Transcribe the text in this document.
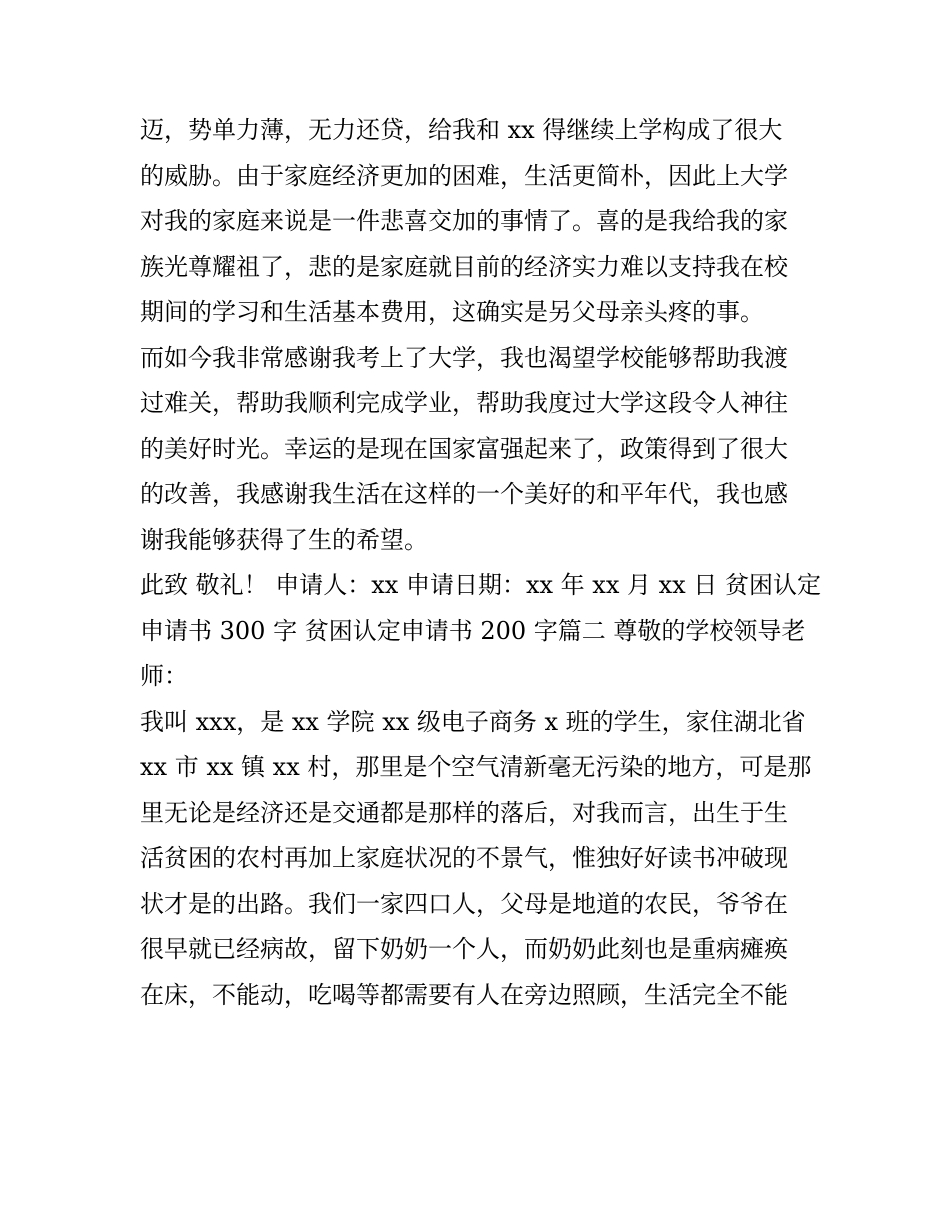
迈，势单力薄，无力还贷，给我和 xx 得继续上学构成了很大
的威胁。由于家庭经济更加的困难，生活更简朴，因此上大学
对我的家庭来说是一件悲喜交加的事情了。喜的是我给我的家
族光尊耀祖了，悲的是家庭就目前的经济实力难以支持我在校
期间的学习和生活基本费用，这确实是另父母亲头疼的事。
而如今我非常感谢我考上了大学，我也渴望学校能够帮助我渡
过难关，帮助我顺利完成学业，帮助我度过大学这段令人神往
的美好时光。幸运的是现在国家富强起来了，政策得到了很大
的改善，我感谢我生活在这样的一个美好的和平年代，我也感
谢我能够获得了生的希望。
此致 敬礼！ 申请人：xx 申请日期：xx 年 xx 月 xx 日 贫困认定
申请书 300 字 贫困认定申请书 200 字篇二 尊敬的学校领导老
师：
我叫 xxx，是 xx 学院 xx 级电子商务 x 班的学生，家住湖北省
xx 市 xx 镇 xx 村，那里是个空气清新毫无污染的地方，可是那
里无论是经济还是交通都是那样的落后，对我而言，出生于生
活贫困的农村再加上家庭状况的不景气，惟独好好读书冲破现
状才是的出路。我们一家四口人，父母是地道的农民，爷爷在
很早就已经病故，留下奶奶一个人，而奶奶此刻也是重病瘫痪
在床，不能动，吃喝等都需要有人在旁边照顾，生活完全不能
